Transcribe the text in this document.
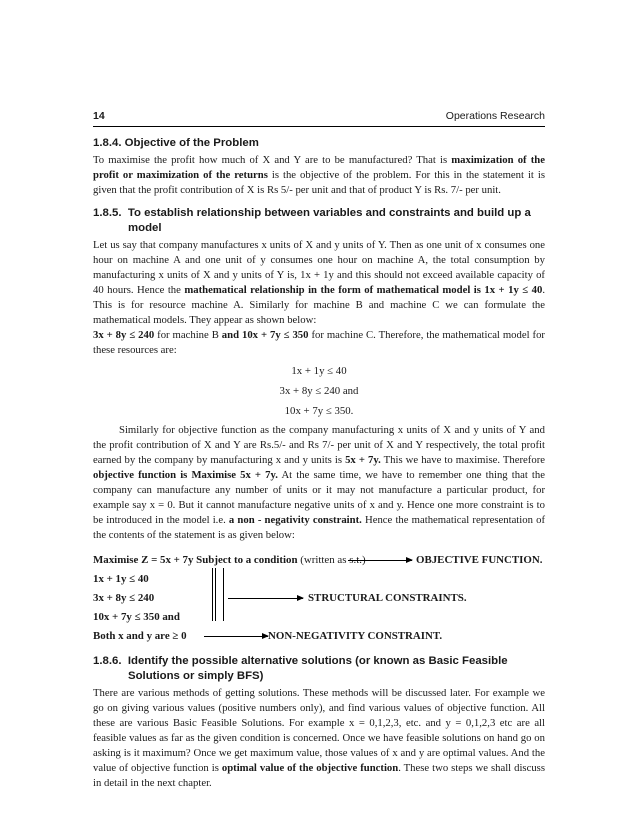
14	Operations Research
1.8.4. Objective of the Problem

To maximise the profit how much of X and Y are to be manufactured? That is maximization of the profit or maximization of the returns is the objective of the problem. For this in the statement it is given that the profit contribution of X is Rs 5/- per unit and that of product Y is Rs. 7/- per unit.

1.8.5. To establish relationship between variables and constraints and build up a model

Let us say that company manufactures x units of X and y units of Y. Then as one unit of x consumes one hour on machine A and one unit of y consumes one hour on machine A, the total consumption by manufacturing x units of X and y units of Y is, 1x + 1y and this should not exceed available capacity of 40 hours. Hence the mathematical relationship in the form of mathematical model is 1x + 1y ≤ 40. This is for resource machine A. Similarly for machine B and machine C we can formulate the mathematical models. They appear as shown below:

3x + 8y ≤ 240 for machine B and 10x + 7y ≤ 350 for machine C. Therefore, the mathematical model for these resources are:

1x + 1y ≤ 40
3x + 8y ≤ 240 and
10x + 7y ≤ 350.

Similarly for objective function as the company manufacturing x units of X and y units of Y and the profit contribution of X and Y are Rs.5/- and Rs 7/- per unit of X and Y respectively, the total profit earned by the company by manufacturing x and y units is 5x + 7y. This we have to maximise. Therefore objective function is Maximise 5x + 7y. At the same time, we have to remember one thing that the company can manufacture any number of units or it may not manufacture a particular product, for example say x = 0. But it cannot manufacture negative units of x and y. Hence one more constraint is to be introduced in the model i.e. a non - negativity constraint. Hence the mathematical representation of the contents of the statement is as given below:

Maximise Z = 5x + 7y Subject to a condition (written as s.t.)	OBJECTIVE FUNCTION.
1x + 1y ≤ 40
3x + 8y ≤ 240	STRUCTURAL CONSTRAINTS.
10x + 7y ≤ 350 and
Both x and y are ≥ 0	NON-NEGATIVITY CONSTRAINT.
1.8.6. Identify the possible alternative solutions (or known as Basic Feasible Solutions or simply BFS)

There are various methods of getting solutions. These methods will be discussed later. For example we go on giving various values (positive numbers only), and find various values of objective function. All these are various Basic Feasible Solutions. For example x = 0,1,2,3, etc. and y = 0,1,2,3 etc are all feasible values as far as the given condition is concerned. Once we have feasible solutions on hand go on asking is it maximum? Once we get maximum value, those values of x and y are optimal values. And the value of objective function is optimal value of the objective function. These two steps we shall discuss in detail in the next chapter.
